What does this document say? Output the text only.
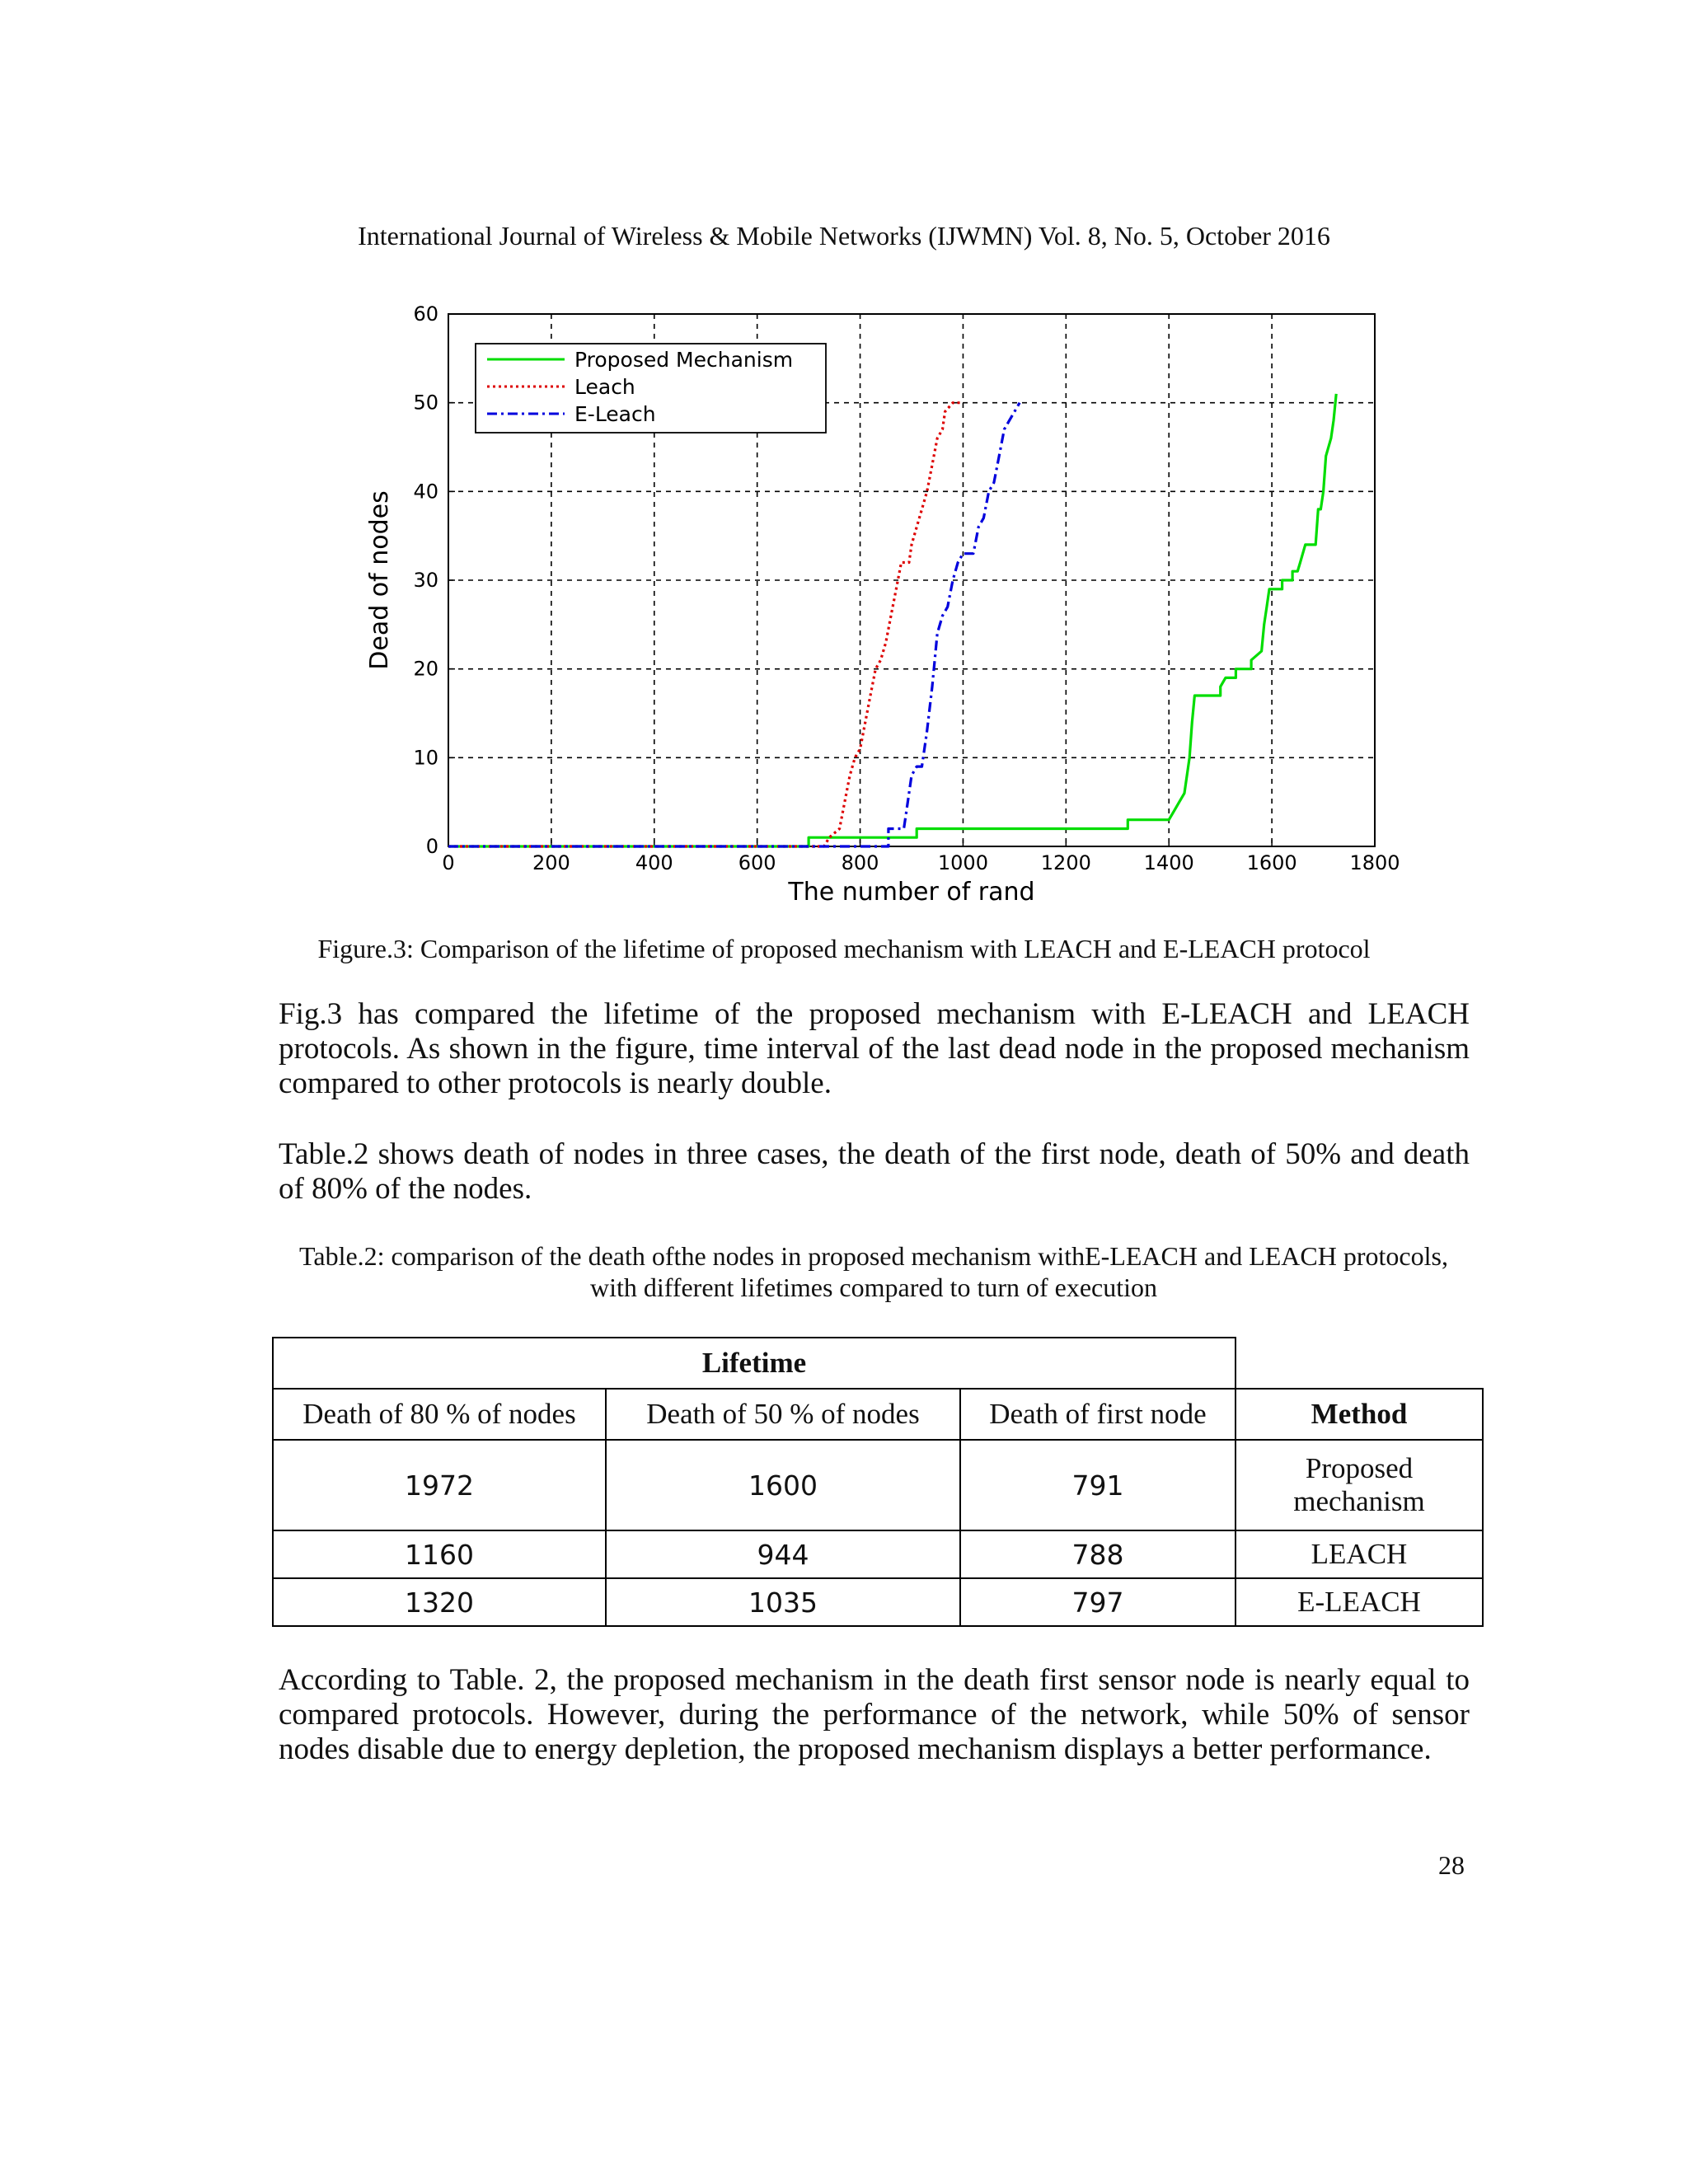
International Journal of Wireless & Mobile Networks (IJWMN) Vol. 8, No. 5, October 2016
0	200	400	600	800	1000	1200	1400	1600	1800
0
10
20
30
40
50
60
The number of rand
Dead of nodes
Proposed Mechanism
Leach
E-Leach
Figure.3: Comparison of the lifetime of proposed mechanism with LEACH and E-LEACH protocol
Fig.3 has compared the lifetime of the proposed mechanism with E-LEACH and LEACH protocols. As shown in the figure, time interval of the last dead node in the proposed mechanism compared to other protocols is nearly double.
Table.2 shows death of nodes in three cases, the death of the first node, death of 50% and death of 80% of the nodes.
Table.2: comparison of the death ofthe nodes in proposed mechanism withE-LEACH and LEACH protocols, with different lifetimes compared to turn of execution
Lifetime			
Death of 80 % of nodes	Death of 50 % of nodes	Death of first node	Method
1972	1600	791	Proposed mechanism
1160	944	788	LEACH
1320	1035	797	E-LEACH
According to Table. 2, the proposed mechanism in the death first sensor node is nearly equal to compared protocols. However, during the performance of the network, while 50% of sensor nodes disable due to energy depletion, the proposed mechanism displays a better performance.
28
